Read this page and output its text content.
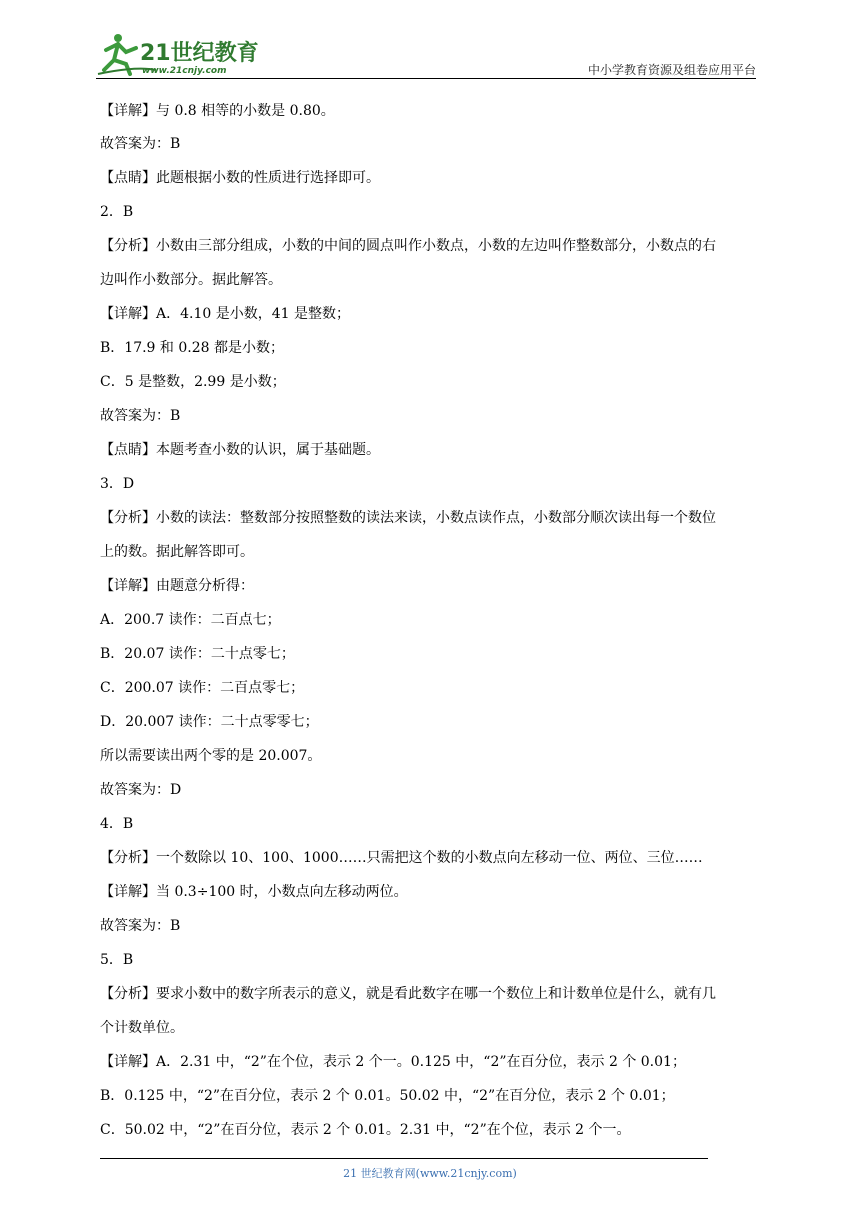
21世纪教育
www.21cnjy.com	中小学教育资源及组卷应用平台
【详解】与 0.8 相等的小数是 0.80。
故答案为：B
【点睛】此题根据小数的性质进行选择即可。
2．B
【分析】小数由三部分组成，小数的中间的圆点叫作小数点，小数的左边叫作整数部分，小数点的右
边叫作小数部分。据此解答。
【详解】A．4.10 是小数，41 是整数；
B．17.9 和 0.28 都是小数；
C．5 是整数，2.99 是小数；
故答案为：B
【点睛】本题考查小数的认识，属于基础题。
3．D
【分析】小数的读法：整数部分按照整数的读法来读，小数点读作点，小数部分顺次读出每一个数位
上的数。据此解答即可。
【详解】由题意分析得：
A．200.7 读作：二百点七；
B．20.07 读作：二十点零七；
C．200.07 读作：二百点零七；
D．20.007 读作：二十点零零七；
所以需要读出两个零的是 20.007。
故答案为：D
4．B
【分析】一个数除以 10、100、1000……只需把这个数的小数点向左移动一位、两位、三位……
【详解】当 0.3÷100 时，小数点向左移动两位。
故答案为：B
5．B
【分析】要求小数中的数字所表示的意义，就是看此数字在哪一个数位上和计数单位是什么，就有几
个计数单位。
【详解】A．2.31 中，“2”在个位，表示 2 个一。0.125 中，“2”在百分位，表示 2 个 0.01；
B．0.125 中，“2”在百分位，表示 2 个 0.01。50.02 中，“2”在百分位，表示 2 个 0.01；
C．50.02 中，“2”在百分位，表示 2 个 0.01。2.31 中，“2”在个位，表示 2 个一。
21 世纪教育网(www.21cnjy.com)
